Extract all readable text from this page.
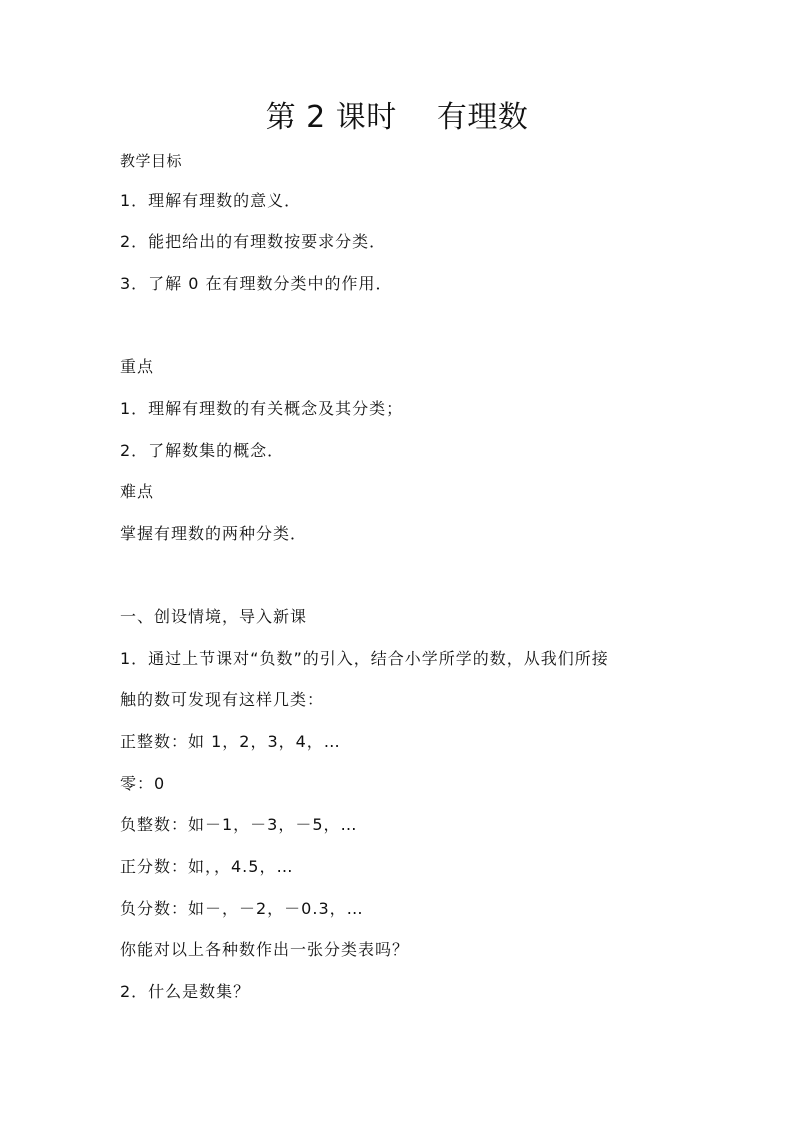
第 2 课时    有理数
教学目标
1．理解有理数的意义．
2．能把给出的有理数按要求分类．
3．了解 0 在有理数分类中的作用．
重点
1．理解有理数的有关概念及其分类；
2．了解数集的概念．
难点
掌握有理数的两种分类．
一、创设情境，导入新课
1．通过上节课对“负数”的引入，结合小学所学的数，从我们所接
触的数可发现有这样几类：
正整数：如 1，2，3，4，…
零：0
负整数：如－1，－3，－5，…
正分数：如，，4.5，…
负分数：如－，－2，－0.3，…
你能对以上各种数作出一张分类表吗？
2．什么是数集？
